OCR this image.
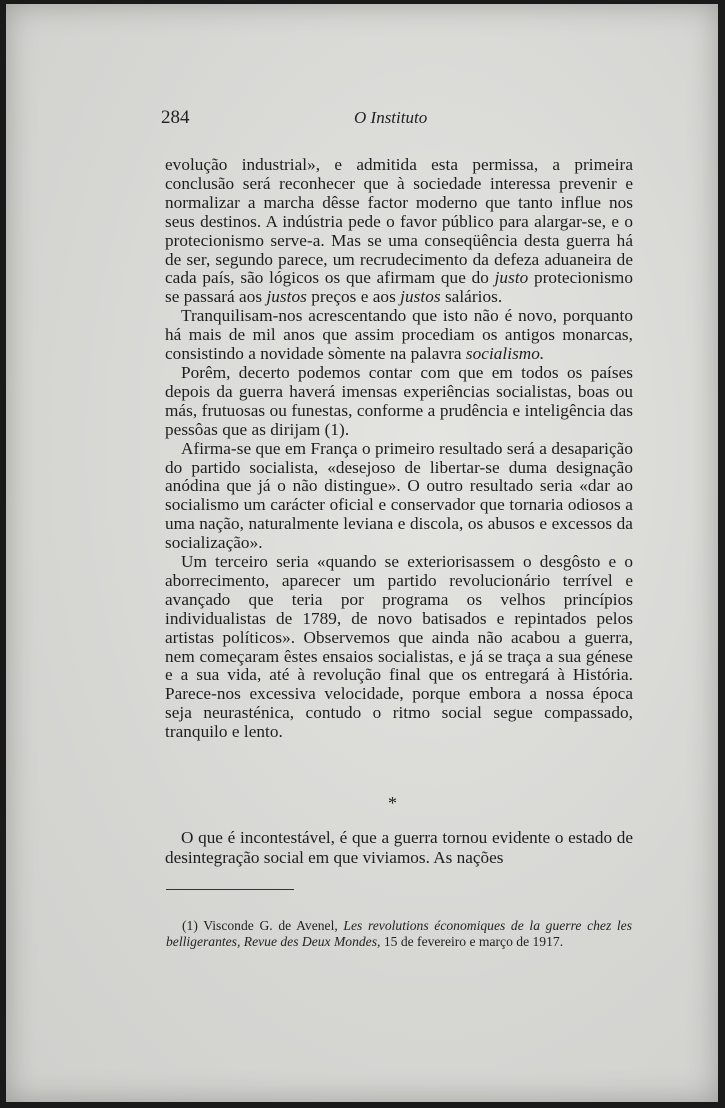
284	O Instituto

evolução industrial», e admitida esta permissa, a primeira conclusão será reconhecer que à sociedade interessa prevenir e normalizar a marcha dêsse factor moderno que tanto influe nos seus destinos. A indústria pede o favor público para alargar-se, e o protecionismo serve-a. Mas se uma conseqüência desta guerra há de ser, segundo parece, um recrudecimento da defeza aduaneira de cada país, são lógicos os que afirmam que do justo protecionismo se passará aos justos preços e aos justos salários.

Tranquilisam-nos acrescentando que isto não é novo, porquanto há mais de mil anos que assim procediam os antigos monarcas, consistindo a novidade sòmente na palavra socialismo.

Porêm, decerto podemos contar com que em todos os países depois da guerra haverá imensas experiências socialistas, boas ou más, frutuosas ou funestas, conforme a prudência e inteligência das pessôas que as dirijam (1).

Afirma-se que em França o primeiro resultado será a desaparição do partido socialista, «desejoso de libertar-se duma designação anódina que já o não distingue». O outro resultado seria «dar ao socialismo um carácter oficial e conservador que tornaria odiosos a uma nação, naturalmente leviana e discola, os abusos e excessos da socialização».

Um terceiro seria «quando se exteriorisassem o desgôsto e o aborrecimento, aparecer um partido revolucionário terrível e avançado que teria por programa os velhos princípios individualistas de 1789, de novo batisados e repintados pelos artistas políticos». Observemos que ainda não acabou a guerra, nem começaram êstes ensaios socialistas, e já se traça a sua génese e a sua vida, até à revolução final que os entregará à História. Parece-nos excessiva velocidade, porque embora a nossa época seja neurasténica, contudo o ritmo social segue compassado, tranquilo e lento.

*

O que é incontestável, é que a guerra tornou evidente o estado de desintegração social em que viviamos. As nações

(1) Visconde G. de Avenel, Les revolutions économiques de la guerre chez les belligerantes, Revue des Deux Mondes, 15 de fevereiro e março de 1917.
